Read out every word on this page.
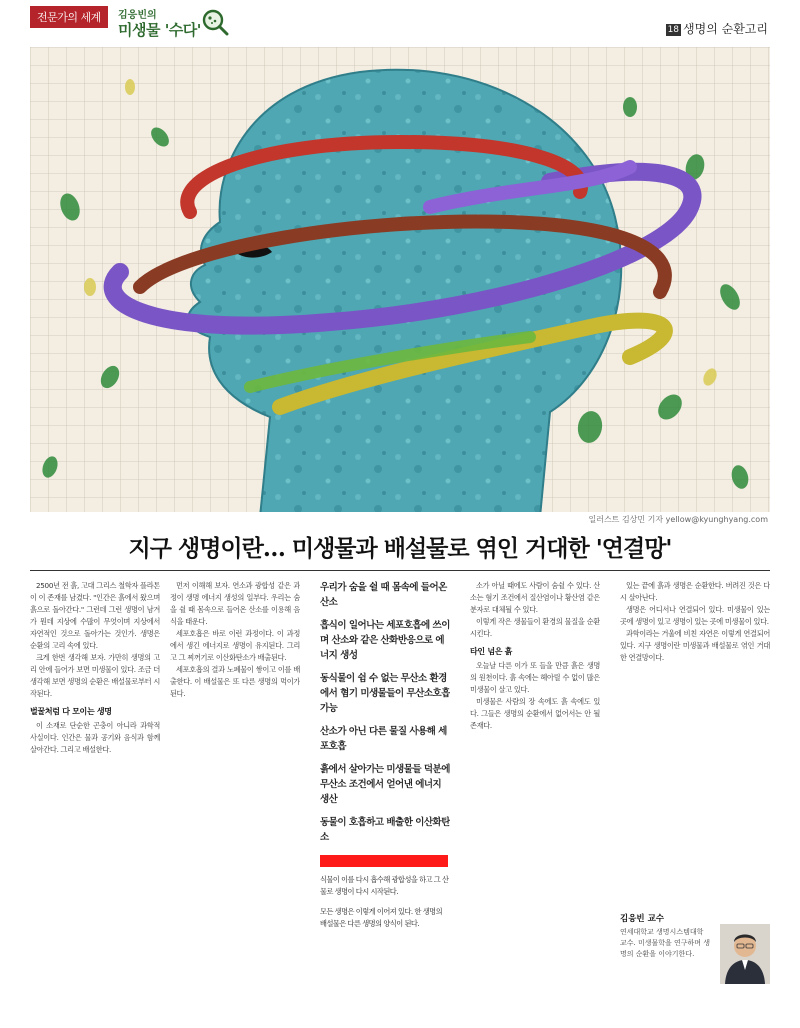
전문가의 세계	김응빈의
미생물 '수다'	18 생명의 순환고리
일러스트 김상민 기자 yellow@kyunghyang.com
지구 생명이란… 미생물과 배설물로 엮인 거대한 '연결망'

2500년 전 흙, 고대 그리스 철학자 플라톤이 이 존재를 남겼다. "인간은 흙에서 왔으며 흙으로 돌아간다." 그런데 그런 생명이 남겨가 뭔데 지상에 수많이 무엇이며 지상에서 자연적인 것으로 돌아가는 것인가. 생명은 순환의 고리 속에 있다.

크게 한번 생각해 보자. 가만히 생명의 고리 안에 들어가 보면 미생물이 있다. 조금 더 생각해 보면 생명의 순환은 배설물로부터 시작된다.

벌꿀처럼 다 모이는 생명

이 소재로 단순한 곤충이 아니라 과학적 사실이다. 인간은 물과 공기와 음식과 함께 살아간다. 그리고 배설한다.

먼저 이해해 보자. 연소과 광합성 같은 과정이 생명 에너지 생성의 일부다. 우리는 숨을 쉴 때 몸속으로 들어온 산소를 이용해 음식을 태운다.

세포호흡은 바로 이런 과정이다. 이 과정에서 생긴 에너지로 생명이 유지된다. 그리고 그 찌꺼기로 이산화탄소가 배출된다.

세포호흡의 결과 노폐물이 쌓이고 이를 배출한다. 이 배설물은 또 다른 생명의 먹이가 된다.

우리가 숨을 쉴 때 몸속에 들어온 산소

흡식이 일어나는 세포호흡에 쓰이며 산소와 같은 산화반응으로 에너지 생성

동식물이 쉼 수 없는 무산소 환경에서 혐기 미생물들이 무산소호흡 가능

산소가 아닌 다른 물질 사용해 세포호흡

흙에서 살아가는 미생물들 덕분에 무산소 조건에서 얻어낸 에너지 생산

동물이 호흡하고 배출한 이산화탄소

식물이 이를 다시 흡수해 광합성을 하고 그 산물로 생명이 다시 시작된다.

모든 생명은 이렇게 이어져 있다. 한 생명의 배설물은 다른 생명의 양식이 된다.

소가 아닐 때에도 사람이 숨쉴 수 있다. 산소는 혐기 조건에서 질산염이나 황산염 같은 분자로 대체될 수 있다.

이렇게 작은 생물들이 환경의 물질을 순환시킨다.

타인 넘은 흙

오늘날 다른 이가 또 들을 만큼 흙은 생명의 원천이다. 흙 속에는 헤아릴 수 없이 많은 미생물이 살고 있다.

미생물은 사람의 장 속에도 흙 속에도 있다. 그들은 생명의 순환에서 없어서는 안 될 존재다.

있는 끝에 흙과 생명은 순환한다. 버려진 것은 다시 살아난다.

생명은 어디서나 연결되어 있다. 미생물이 있는 곳에 생명이 있고 생명이 있는 곳에 미생물이 있다.

과학이라는 거울에 비친 자연은 이렇게 연결되어 있다. 지구 생명이란 미생물과 배설물로 엮인 거대한 연결망이다.

김응빈 교수
연세대학교 생명시스템대학 교수. 미생물학을 연구하며 생명의 순환을 이야기한다.
